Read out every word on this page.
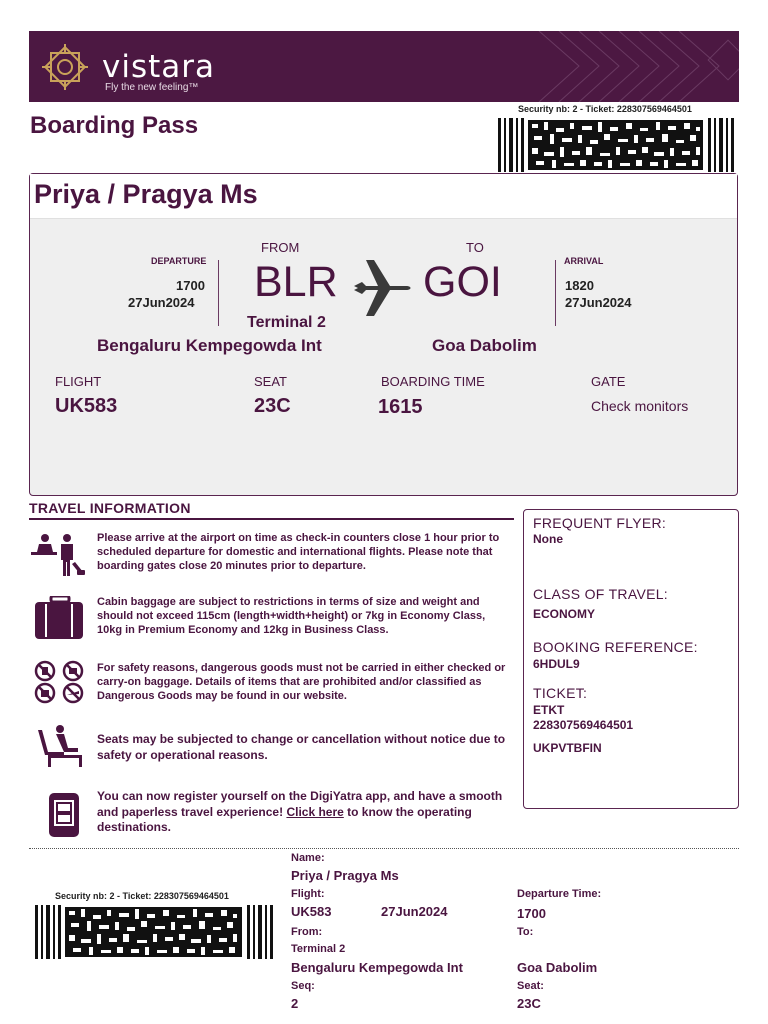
vistara
Fly the new feeling™
Boarding Pass
Security nb: 2 - Ticket: 228307569464501
Priya / Pragya Ms
DEPARTURE
1700
27Jun2024
FROM
BLR
TO
GOI	ARRIVAL
1820
27Jun2024
Terminal 2
Bengaluru Kempegowda Int	Goa Dabolim
FLIGHT
UK583
SEAT
23C
BOARDING TIME
1615
GATE
Check monitors
TRAVEL INFORMATION
Please arrive at the airport on time as check-in counters close 1 hour prior to scheduled departure for domestic and international flights. Please note that boarding gates close 20 minutes prior to departure.
Cabin baggage are subject to restrictions in terms of size and weight and should not exceed 115cm (length+width+height) or 7kg in Economy Class, 10kg in Premium Economy and 12kg in Business Class.
For safety reasons, dangerous goods must not be carried in either checked or carry-on baggage. Details of items that are prohibited and/or classified as Dangerous Goods may be found in our website.
Seats may be subjected to change or cancellation without notice due to safety or operational reasons.
You can now register yourself on the DigiYatra app, and have a smooth and paperless travel experience! Click here to know the operating destinations.
FREQUENT FLYER:
None
CLASS OF TRAVEL:
ECONOMY
BOOKING REFERENCE:
6HDUL9
TICKET:
ETKT
228307569464501
UKPVTBFIN
Security nb: 2 - Ticket: 228307569464501
Name:
Priya / Pragya Ms
Flight:
UK583	27Jun2024
Departure Time:
1700
From:	To:
Terminal 2
Bengaluru Kempegowda Int	Goa Dabolim
Seq:
2
Seat:
23C
